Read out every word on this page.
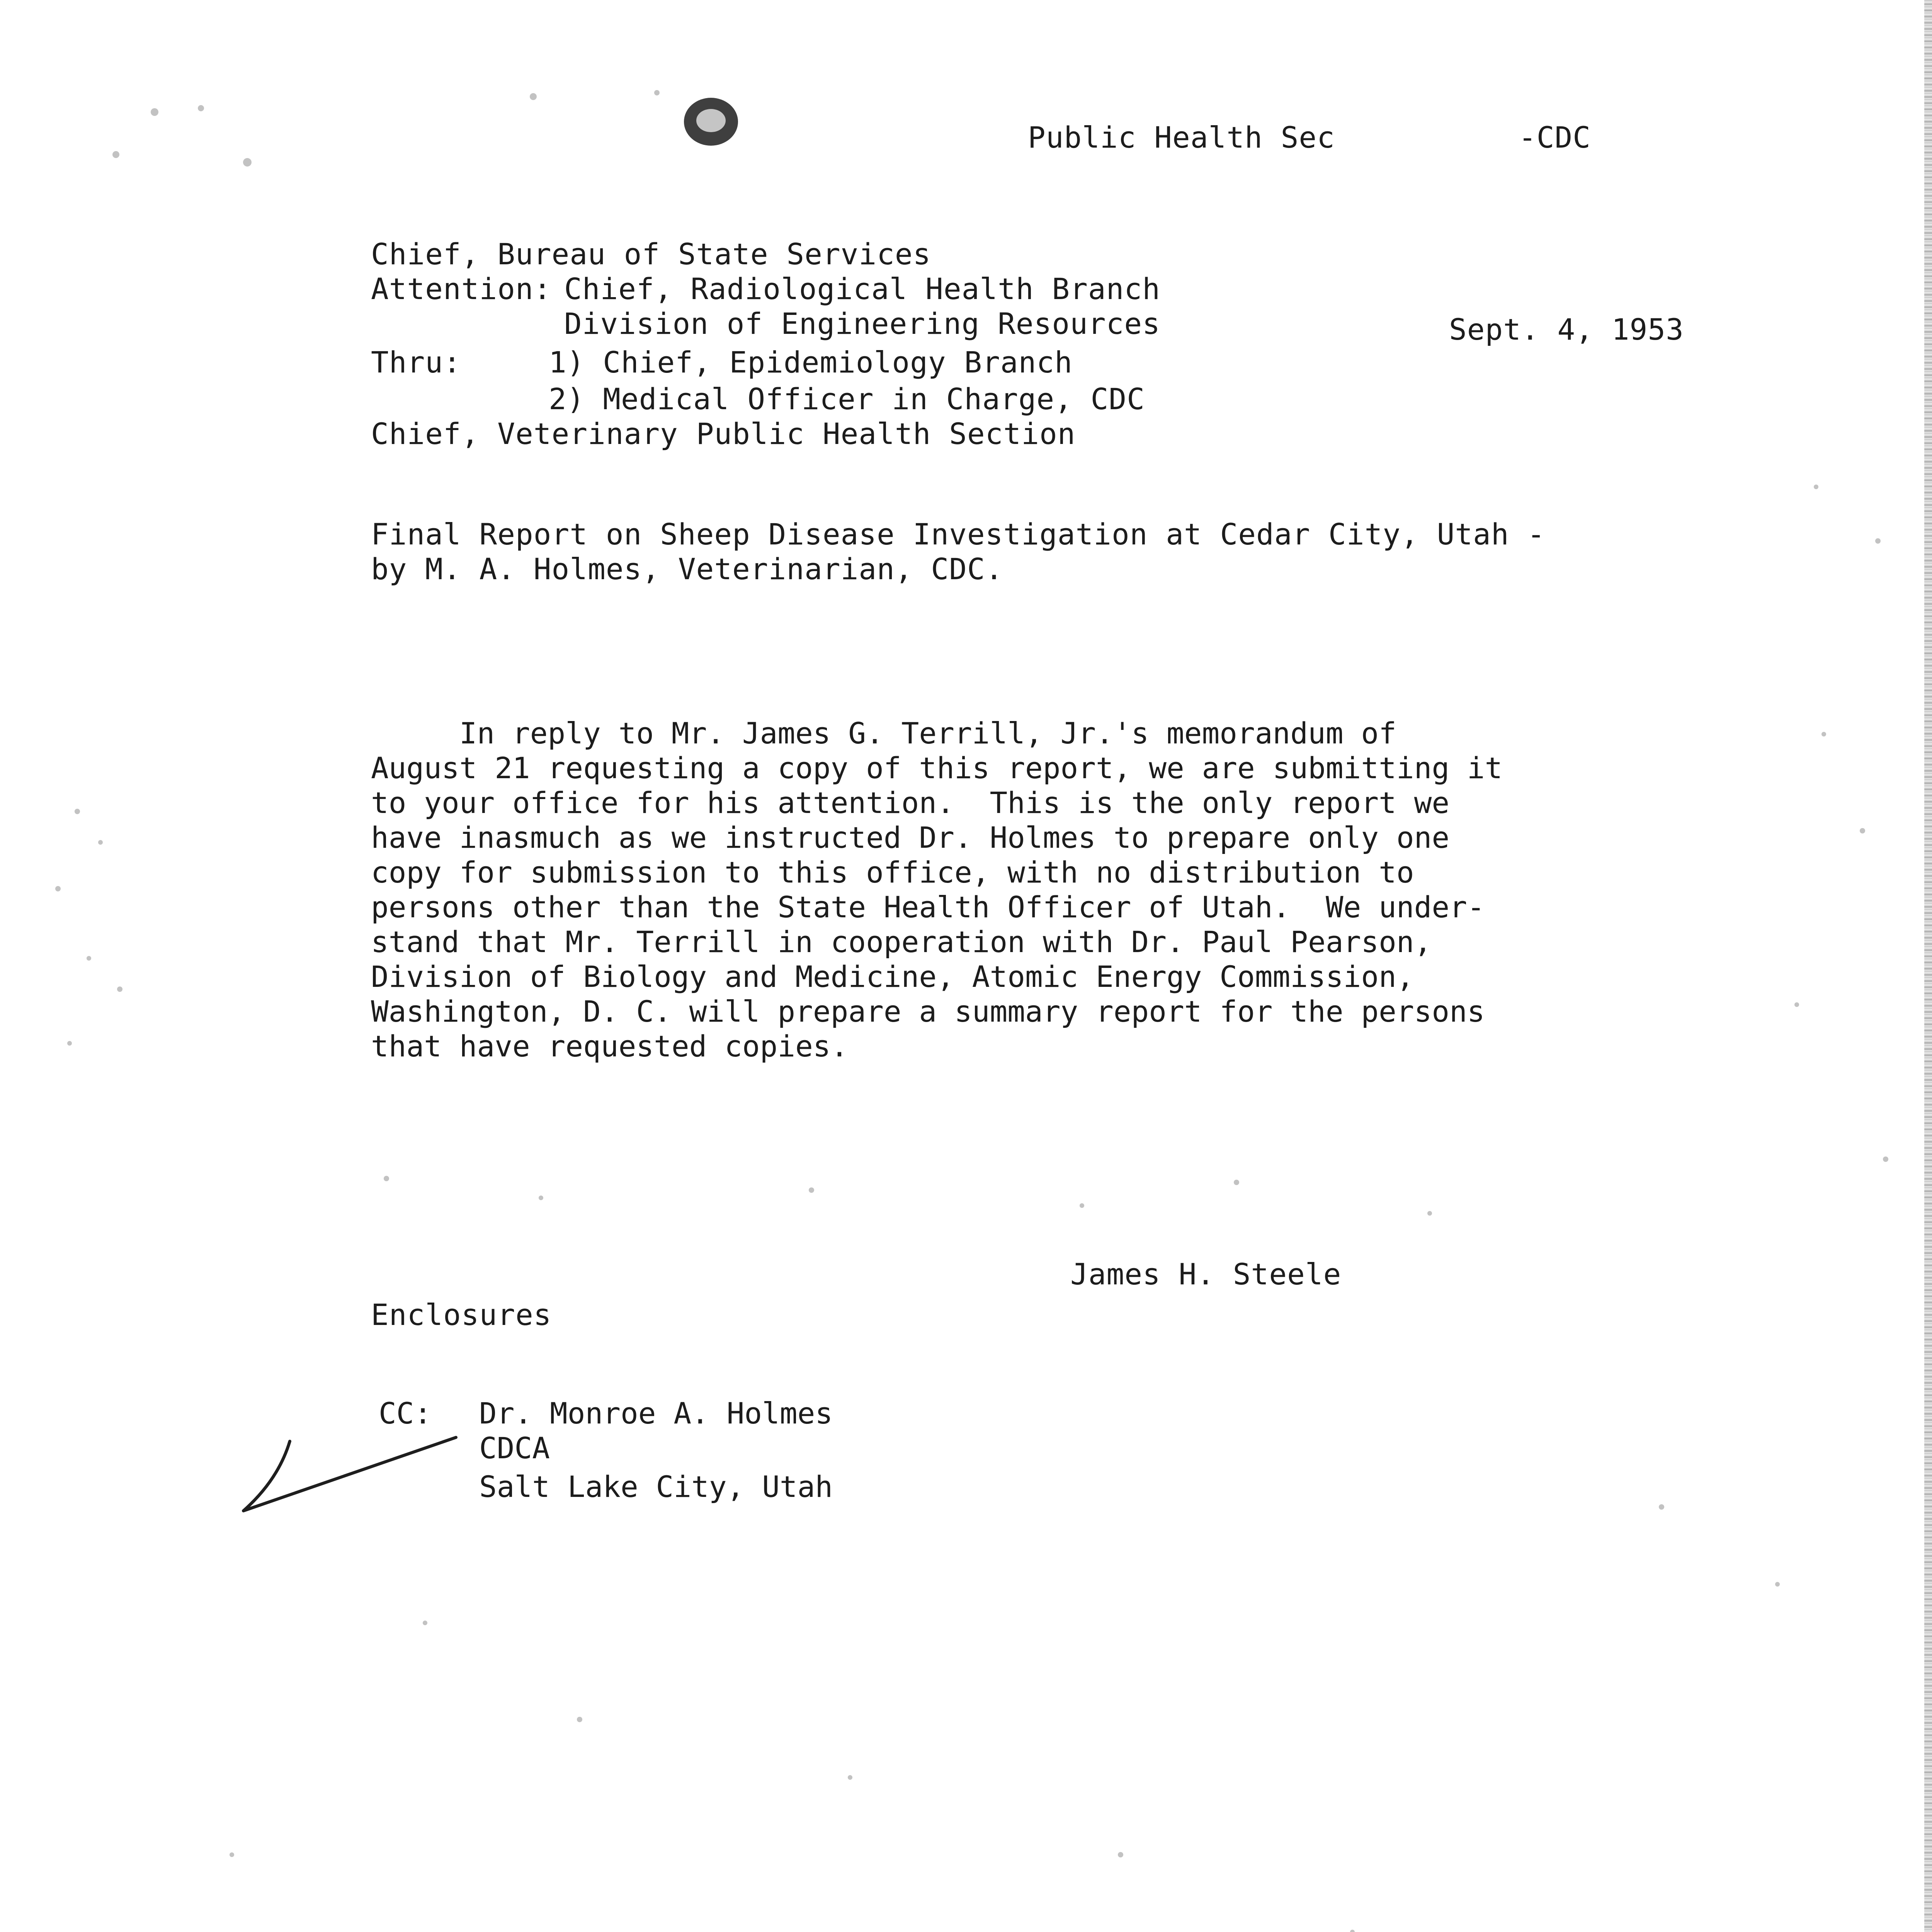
Public Health Sec	-CDC
Chief, Bureau of State Services
Attention: Chief, Radiological Health Branch
Division of Engineering Resources	Sept. 4, 1953
Thru:	1) Chief, Epidemiology Branch
2) Medical Officer in Charge, CDC
Chief, Veterinary Public Health Section
Final Report on Sheep Disease Investigation at Cedar City, Utah -
by M. A. Holmes, Veterinarian, CDC.
In reply to Mr. James G. Terrill, Jr.'s memorandum of
August 21 requesting a copy of this report, we are submitting it
to your office for his attention.  This is the only report we
have inasmuch as we instructed Dr. Holmes to prepare only one
copy for submission to this office, with no distribution to
persons other than the State Health Officer of Utah.  We under-
stand that Mr. Terrill in cooperation with Dr. Paul Pearson,
Division of Biology and Medicine, Atomic Energy Commission,
Washington, D. C. will prepare a summary report for the persons
that have requested copies.
James H. Steele
Enclosures
CC: Dr. Monroe A. Holmes
CDCA
Salt Lake City, Utah
